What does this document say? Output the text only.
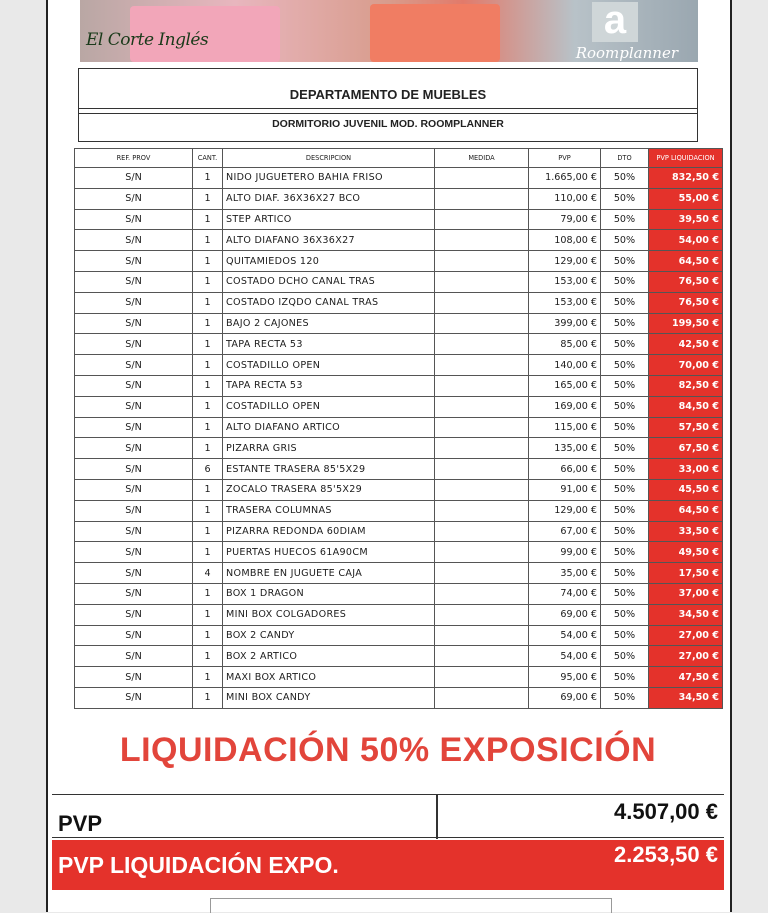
El Corte Inglés	a
Roomplanner
DEPARTAMENTO DE MUEBLES
DORMITORIO JUVENIL MOD. ROOMPLANNER
REF. PROV	CANT.	DESCRIPCION	MEDIDA	PVP	DTO	PVP LIQUIDACION
S/N	1	NIDO JUGUETERO BAHIA FRISO		1.665,00 €	50%	832,50 €
S/N	1	ALTO DIAF. 36X36X27 BCO		110,00 €	50%	55,00 €
S/N	1	STEP ARTICO		79,00 €	50%	39,50 €
S/N	1	ALTO DIAFANO 36X36X27		108,00 €	50%	54,00 €
S/N	1	QUITAMIEDOS 120		129,00 €	50%	64,50 €
S/N	1	COSTADO DCHO CANAL TRAS		153,00 €	50%	76,50 €
S/N	1	COSTADO IZQDO CANAL TRAS		153,00 €	50%	76,50 €
S/N	1	BAJO 2 CAJONES		399,00 €	50%	199,50 €
S/N	1	TAPA RECTA 53		85,00 €	50%	42,50 €
S/N	1	COSTADILLO OPEN		140,00 €	50%	70,00 €
S/N	1	TAPA RECTA 53		165,00 €	50%	82,50 €
S/N	1	COSTADILLO OPEN		169,00 €	50%	84,50 €
S/N	1	ALTO DIAFANO ARTICO		115,00 €	50%	57,50 €
S/N	1	PIZARRA GRIS		135,00 €	50%	67,50 €
S/N	6	ESTANTE TRASERA 85'5X29		66,00 €	50%	33,00 €
S/N	1	ZOCALO TRASERA 85'5X29		91,00 €	50%	45,50 €
S/N	1	TRASERA COLUMNAS		129,00 €	50%	64,50 €
S/N	1	PIZARRA REDONDA 60DIAM		67,00 €	50%	33,50 €
S/N	1	PUERTAS HUECOS 61A90CM		99,00 €	50%	49,50 €
S/N	4	NOMBRE EN JUGUETE CAJA		35,00 €	50%	17,50 €
S/N	1	BOX 1 DRAGON		74,00 €	50%	37,00 €
S/N	1	MINI BOX COLGADORES		69,00 €	50%	34,50 €
S/N	1	BOX 2 CANDY		54,00 €	50%	27,00 €
S/N	1	BOX 2 ARTICO		54,00 €	50%	27,00 €
S/N	1	MAXI BOX ARTICO		95,00 €	50%	47,50 €
S/N	1	MINI BOX CANDY		69,00 €	50%	34,50 €
LIQUIDACIÓN 50% EXPOSICIÓN
PVP	4.507,00 €
PVP LIQUIDACIÓN EXPO.	2.253,50 €
